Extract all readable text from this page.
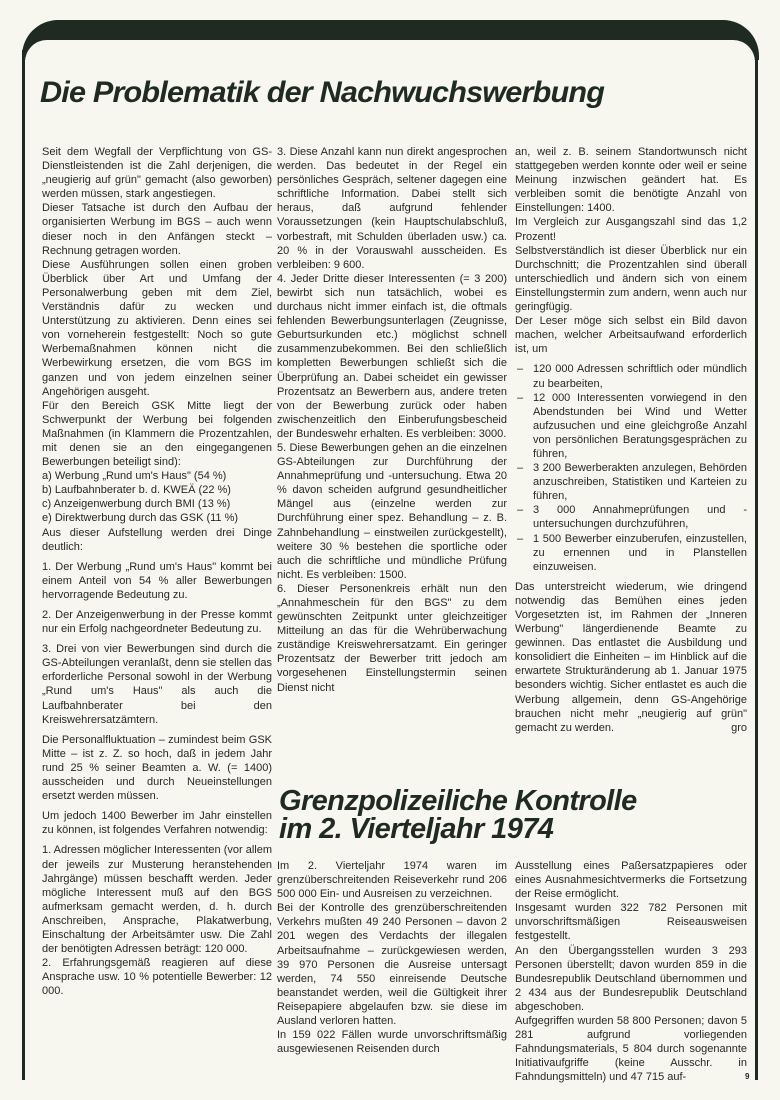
Die Problematik der Nachwuchswerbung

Seit dem Wegfall der Verpflichtung von GS-Dienstleistenden ist die Zahl derjenigen, die „neugierig auf grün" gemacht (also geworben) werden müssen, stark angestiegen.

Dieser Tatsache ist durch den Aufbau der organisierten Werbung im BGS – auch wenn dieser noch in den Anfängen steckt – Rechnung getragen worden.

Diese Ausführungen sollen einen groben Überblick über Art und Umfang der Personalwerbung geben mit dem Ziel, Verständnis dafür zu wecken und Unterstützung zu aktivieren. Denn eines sei von vorneherein festgestellt: Noch so gute Werbemaßnahmen können nicht die Werbewirkung ersetzen, die vom BGS im ganzen und von jedem einzelnen seiner Angehörigen ausgeht.

Für den Bereich GSK Mitte liegt der Schwerpunkt der Werbung bei folgenden Maßnahmen (in Klammern die Prozentzahlen, mit denen sie an den eingegangenen Bewerbungen beteiligt sind):

a) Werbung „Rund um's Haus" (54 %)

b) Laufbahnberater b. d. KWEÄ (22 %)

c) Anzeigenwerbung durch BMI (13 %)

e) Direktwerbung durch das GSK (11 %)

Aus dieser Aufstellung werden drei Dinge deutlich:

1. Der Werbung „Rund um's Haus" kommt bei einem Anteil von 54 % aller Bewerbungen hervorragende Bedeutung zu.

2. Der Anzeigenwerbung in der Presse kommt nur ein Erfolg nachgeordneter Bedeutung zu.

3. Drei von vier Bewerbungen sind durch die GS-Abteilungen veranlaßt, denn sie stellen das erforderliche Personal sowohl in der Werbung „Rund um's Haus" als auch die Laufbahnberater bei den Kreiswehrersatzämtern.

Die Personalfluktuation – zumindest beim GSK Mitte – ist z. Z. so hoch, daß in jedem Jahr rund 25 % seiner Beamten a. W. (= 1400) ausscheiden und durch Neueinstellungen ersetzt werden müssen.

Um jedoch 1400 Bewerber im Jahr einstellen zu können, ist folgendes Verfahren notwendig:

1. Adressen möglicher Interessenten (vor allem der jeweils zur Musterung heranstehenden Jahrgänge) müssen beschafft werden. Jeder mögliche Interessent muß auf den BGS aufmerksam gemacht werden, d. h. durch Anschreiben, Ansprache, Plakatwerbung, Einschaltung der Arbeitsämter usw. Die Zahl der benötigten Adressen beträgt: 120 000.

2. Erfahrungsgemäß reagieren auf diese Ansprache usw. 10 % potentielle Bewerber: 12 000.

3. Diese Anzahl kann nun direkt angesprochen werden. Das bedeutet in der Regel ein persönliches Gespräch, seltener dagegen eine schriftliche Information. Dabei stellt sich heraus, daß aufgrund fehlender Voraussetzungen (kein Hauptschulabschluß, vorbestraft, mit Schulden überladen usw.) ca. 20 % in der Vorauswahl ausscheiden. Es verbleiben: 9 600.

4. Jeder Dritte dieser Interessenten (= 3 200) bewirbt sich nun tatsächlich, wobei es durchaus nicht immer einfach ist, die oftmals fehlenden Bewerbungsunterlagen (Zeugnisse, Geburtsurkunden etc.) möglichst schnell zusammenzubekommen. Bei den schließlich kompletten Bewerbungen schließt sich die Überprüfung an. Dabei scheidet ein gewisser Prozentsatz an Bewerbern aus, andere treten von der Bewerbung zurück oder haben zwischenzeitlich den Einberufungsbescheid der Bundeswehr erhalten. Es verbleiben: 3000.

5. Diese Bewerbungen gehen an die einzelnen GS-Abteilungen zur Durchführung der Annahmeprüfung und -untersuchung. Etwa 20 % davon scheiden aufgrund gesundheitlicher Mängel aus (einzelne werden zur Durchführung einer spez. Behandlung – z. B. Zahnbehandlung – einstweilen zurückgestellt), weitere 30 % bestehen die sportliche oder auch die schriftliche und mündliche Prüfung nicht. Es verbleiben: 1500.

6. Dieser Personenkreis erhält nun den „Annahmeschein für den BGS" zu dem gewünschten Zeitpunkt unter gleichzeitiger Mitteilung an das für die Wehrüberwachung zuständige Kreiswehrersatzamt. Ein geringer Prozentsatz der Bewerber tritt jedoch am vorgesehenen Einstellungstermin seinen Dienst nicht

an, weil z. B. seinem Standortwunsch nicht stattgegeben werden konnte oder weil er seine Meinung inzwischen geändert hat. Es verbleiben somit die benötigte Anzahl von Einstellungen: 1400.

Im Vergleich zur Ausgangszahl sind das 1,2 Prozent!

Selbstverständlich ist dieser Überblick nur ein Durchschnitt; die Prozentzahlen sind überall unterschiedlich und ändern sich von einem Einstellungstermin zum andern, wenn auch nur geringfügig.

Der Leser möge sich selbst ein Bild davon machen, welcher Arbeitsaufwand erforderlich ist, um

– 120 000 Adressen schriftlich oder mündlich zu bearbeiten,
– 12 000 Interessenten vorwiegend in den Abendstunden bei Wind und Wetter aufzusuchen und eine gleichgroße Anzahl von persönlichen Beratungsgesprächen zu führen,
– 3 200 Bewerberakten anzulegen, Behörden anzuschreiben, Statistiken und Karteien zu führen,
– 3 000 Annahmeprüfungen und -untersuchungen durchzuführen,
– 1 500 Bewerber einzuberufen, einzustellen, zu ernennen und in Planstellen einzuweisen.

Das unterstreicht wiederum, wie dringend notwendig das Bemühen eines jeden Vorgesetzten ist, im Rahmen der „Inneren Werbung" längerdienende Beamte zu gewinnen. Das entlastet die Ausbildung und konsolidiert die Einheiten – im Hinblick auf die erwartete Strukturänderung ab 1. Januar 1975 besonders wichtig. Sicher entlastet es auch die Werbung allgemein, denn GS-Angehörige brauchen nicht mehr „neugierig auf grün" gemacht zu werden.	gro

Grenzpolizeiliche Kontrolle
im 2. Vierteljahr 1974

Im 2. Vierteljahr 1974 waren im grenzüberschreitenden Reiseverkehr rund 206 500 000 Ein- und Ausreisen zu verzeichnen.

Bei der Kontrolle des grenzüberschreitenden Verkehrs mußten 49 240 Personen – davon 2 201 wegen des Verdachts der illegalen Arbeitsaufnahme – zurückgewiesen werden, 39 970 Personen die Ausreise untersagt werden, 74 550 einreisende Deutsche beanstandet werden, weil die Gültigkeit ihrer Reisepapiere abgelaufen bzw. sie diese im Ausland verloren hatten.

In 159 022 Fällen wurde unvorschriftsmäßig ausgewiesenen Reisenden durch

Ausstellung eines Paßersatzpapieres oder eines Ausnahmesichtvermerks die Fortsetzung der Reise ermöglicht.

Insgesamt wurden 322 782 Personen mit unvorschriftsmäßigen Reiseausweisen festgestellt.

An den Übergangsstellen wurden 3 293 Personen überstellt; davon wurden 859 in die Bundesrepublik Deutschland übernommen und 2 434 aus der Bundesrepublik Deutschland abgeschoben.

Aufgegriffen wurden 58 800 Personen; davon 5 281 aufgrund vorliegenden Fahndungsmaterials, 5 804 durch sogenannte Initiativaufgriffe (keine Ausschr. in Fahndungsmitteln) und 47 715 auf-	9
